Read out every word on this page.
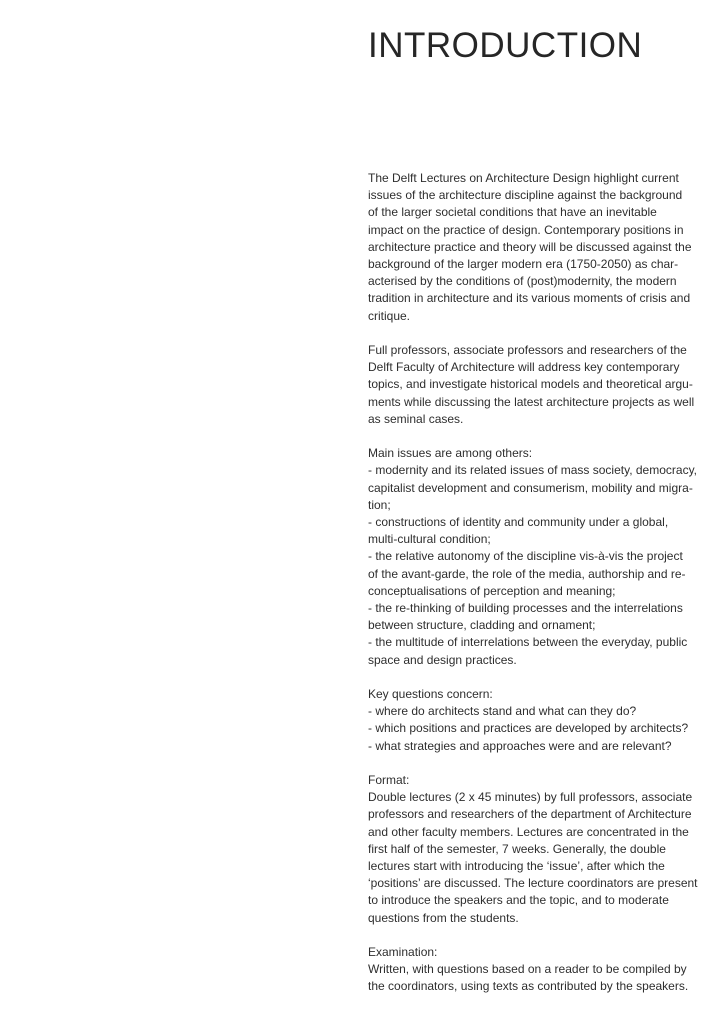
INTRODUCTION
The Delft Lectures on Architecture Design highlight current
issues of the architecture discipline against the background
of the larger societal conditions that have an inevitable
impact on the practice of design. Contemporary positions in
architecture practice and theory will be discussed against the
background of the larger modern era (1750-2050) as char-
acterised by the conditions of (post)modernity, the modern
tradition in architecture and its various moments of crisis and
critique.
Full professors, associate professors and researchers of the
Delft Faculty of Architecture will address key contemporary
topics, and investigate historical models and theoretical argu-
ments while discussing the latest architecture projects as well
as seminal cases.
Main issues are among others:
- modernity and its related issues of mass society, democracy,
capitalist development and consumerism, mobility and migra-
tion;
- constructions of identity and community under a global,
multi-cultural condition;
- the relative autonomy of the discipline vis-à-vis the project
of the avant-garde, the role of the media, authorship and re-
conceptualisations of perception and meaning;
- the re-thinking of building processes and the interrelations
between structure, cladding and ornament;
- the multitude of interrelations between the everyday, public
space and design practices.
Key questions concern:
- where do architects stand and what can they do?
- which positions and practices are developed by architects?
- what strategies and approaches were and are relevant?
Format:
Double lectures (2 x 45 minutes) by full professors, associate
professors and researchers of the department of Architecture
and other faculty members. Lectures are concentrated in the
first half of the semester, 7 weeks. Generally, the double
lectures start with introducing the ‘issue’, after which the
‘positions’ are discussed. The lecture coordinators are present
to introduce the speakers and the topic, and to moderate
questions from the students.
Examination:
Written, with questions based on a reader to be compiled by
the coordinators, using texts as contributed by the speakers.
